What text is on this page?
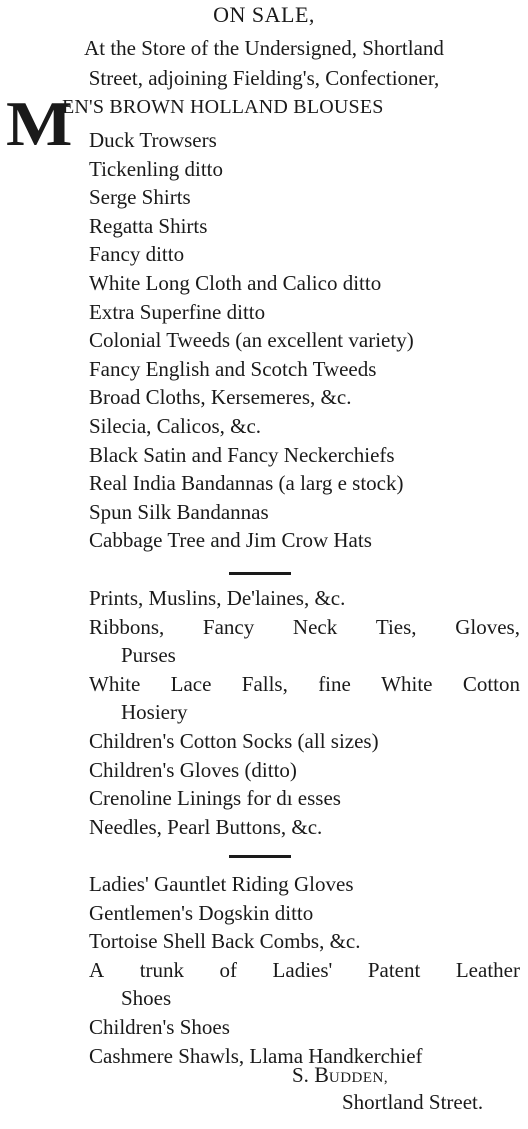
ON SALE,
At the Store of the Undersigned, Shortland
Street, adjoining Fielding's, Confectioner,
M
EN'S BROWN HOLLAND BLOUSES
Duck Trowsers
Tickenling ditto
Serge Shirts
Regatta Shirts
Fancy ditto
White Long Cloth and Calico ditto
Extra Superfine ditto
Colonial Tweeds (an excellent variety)
Fancy English and Scotch Tweeds
Broad Cloths, Kersemeres, &c.
Silecia, Calicos, &c.
Black Satin and Fancy Neckerchiefs
Real India Bandannas (a larg e stock)
Spun Silk Bandannas
Cabbage Tree and Jim Crow Hats
Prints, Muslins, De'laines, &c.
Ribbons, Fancy Neck Ties, Gloves,
Purses
White Lace Falls, fine White Cotton
Hosiery
Children's Cotton Socks (all sizes)
Children's Gloves (ditto)
Crenoline Linings for dı esses
Needles, Pearl Buttons, &c.
Ladies' Gauntlet Riding Gloves
Gentlemen's Dogskin ditto
Tortoise Shell Back Combs, &c.
A trunk of Ladies' Patent Leather
Shoes
Children's Shoes
Cashmere Shawls, Llama Handkerchief
S. BUDDEN,
Shortland Street.
